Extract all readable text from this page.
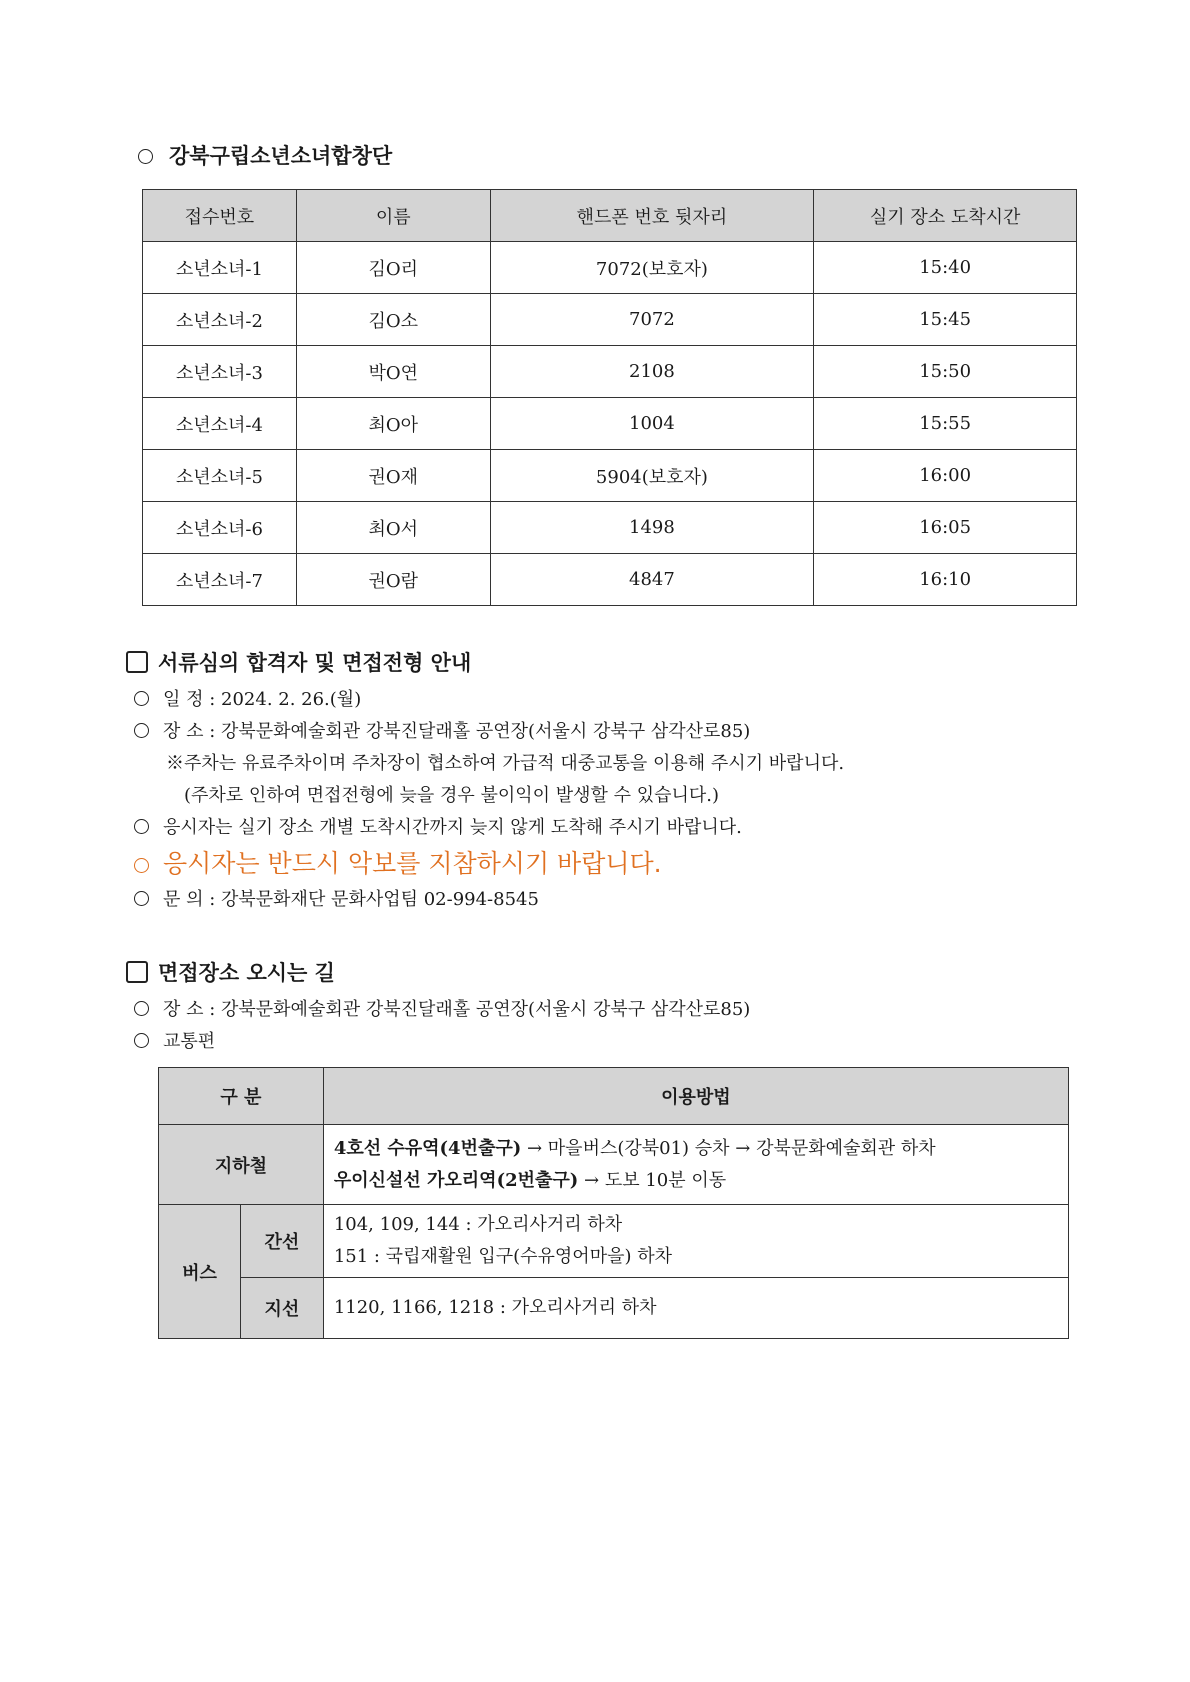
강북구립소년소녀합창단
접수번호	이름	핸드폰 번호 뒷자리	실기 장소 도착시간
소년소녀-1	김O리	7072(보호자)	15:40
소년소녀-2	김O소	7072	15:45
소년소녀-3	박O연	2108	15:50
소년소녀-4	최O아	1004	15:55
소년소녀-5	권O재	5904(보호자)	16:00
소년소녀-6	최O서	1498	16:05
소년소녀-7	권O람	4847	16:10
서류심의 합격자 및 면접전형 안내
일 정 : 2024. 2. 26.(월)
장 소 : 강북문화예술회관 강북진달래홀 공연장(서울시 강북구 삼각산로85)
※주차는 유료주차이며 주차장이 협소하여 가급적 대중교통을 이용해 주시기 바랍니다.
(주차로 인하여 면접전형에 늦을 경우 불이익이 발생할 수 있습니다.)
응시자는 실기 장소 개별 도착시간까지 늦지 않게 도착해 주시기 바랍니다.
응시자는 반드시 악보를 지참하시기 바랍니다.
문 의 : 강북문화재단 문화사업팀 02-994-8545
면접장소 오시는 길
장 소 : 강북문화예술회관 강북진달래홀 공연장(서울시 강북구 삼각산로85)
교통편
구 분		이용방법
지하철		4호선 수유역(4번출구) → 마을버스(강북01) 승차 → 강북문화예술회관 하차
우이신설선 가오리역(2번출구) → 도보 10분 이동

버스	간선	104, 109, 144 : 가오리사거리 하차
151 : 국립재활원 입구(수유영어마을) 하차

	지선	1120, 1166, 1218 : 가오리사거리 하차
